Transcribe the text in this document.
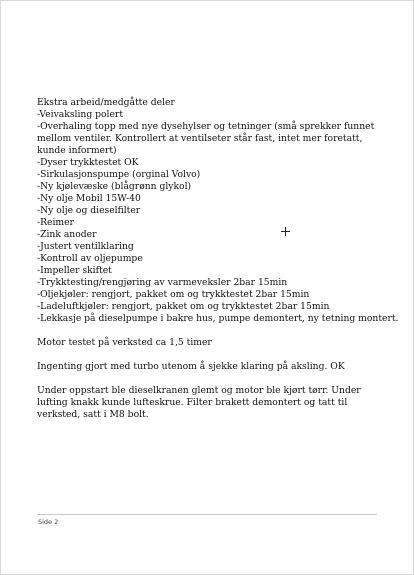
Ekstra arbeid/medgåtte deler
-Veivaksling polert
-Overhaling topp med nye dysehylser og tetninger (små sprekker funnet mellom ventiler. Kontrollert at ventilseter står fast, intet mer foretatt, kunde informert)
-Dyser trykktestet OK
-Sirkulasjonspumpe (orginal Volvo)
-Ny kjølevæske (blågrønn glykol)
-Ny olje Mobil 15W-40
-Ny olje og dieselfilter
-Reimer
-Zink anoder
-Justert ventilklaring
-Kontroll av oljepumpe
-Impeller skiftet
-Trykktesting/rengjøring av varmeveksler 2bar 15min
-Oljekjøler: rengjort, pakket om og trykktestet 2bar 15min
-Ladeluftkjøler: rengjort, pakket om og trykktestet 2bar 15min
-Lekkasje på dieselpumpe i bakre hus, pumpe demontert, ny tetning montert.
Motor testet på verksted ca 1,5 timer
Ingenting gjort med turbo utenom å sjekke klaring på aksling. OK
Under oppstart ble dieselkranen glemt og motor ble kjørt tørr. Under lufting knakk kunde lufteskrue. Filter brakett demontert og tatt til verksted, satt i M8 bolt.
Side 2
